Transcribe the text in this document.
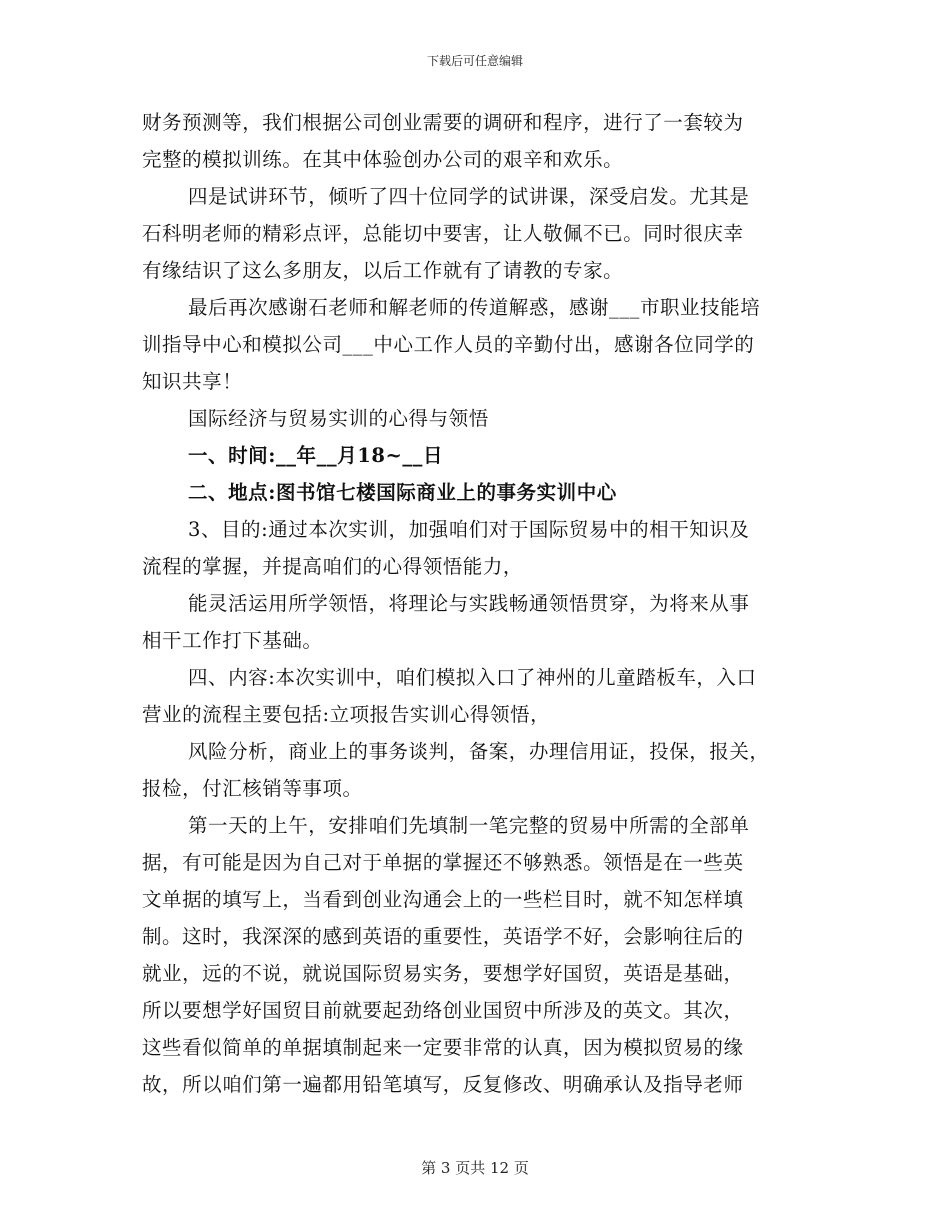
下载后可任意编辑
财务预测等，我们根据公司创业需要的调研和程序，进行了一套较为
完整的模拟训练。在其中体验创办公司的艰辛和欢乐。
四是试讲环节，倾听了四十位同学的试讲课，深受启发。尤其是
石科明老师的精彩点评，总能切中要害，让人敬佩不已。同时很庆幸
有缘结识了这么多朋友，以后工作就有了请教的专家。
最后再次感谢石老师和解老师的传道解惑，感谢___市职业技能培
训指导中心和模拟公司___中心工作人员的辛勤付出，感谢各位同学的
知识共享！
国际经济与贸易实训的心得与领悟
一、时间:__年__月18~__日
二、地点:图书馆七楼国际商业上的事务实训中心
3、目的:通过本次实训，加强咱们对于国际贸易中的相干知识及
流程的掌握，并提高咱们的心得领悟能力，
能灵活运用所学领悟，将理论与实践畅通领悟贯穿，为将来从事
相干工作打下基础。
四、内容:本次实训中，咱们模拟入口了神州的儿童踏板车，入口
营业的流程主要包括:立项报告实训心得领悟，
风险分析，商业上的事务谈判，备案，办理信用证，投保，报关，
报检，付汇核销等事项。
第一天的上午，安排咱们先填制一笔完整的贸易中所需的全部单
据，有可能是因为自己对于单据的掌握还不够熟悉。领悟是在一些英
文单据的填写上，当看到创业沟通会上的一些栏目时，就不知怎样填
制。这时，我深深的感到英语的重要性，英语学不好，会影响往后的
就业，远的不说，就说国际贸易实务，要想学好国贸，英语是基础，
所以要想学好国贸目前就要起劲络创业国贸中所涉及的英文。其次，
这些看似简单的单据填制起来一定要非常的认真，因为模拟贸易的缘
故，所以咱们第一遍都用铅笔填写，反复修改、明确承认及指导老师
第 3 页共 12 页
